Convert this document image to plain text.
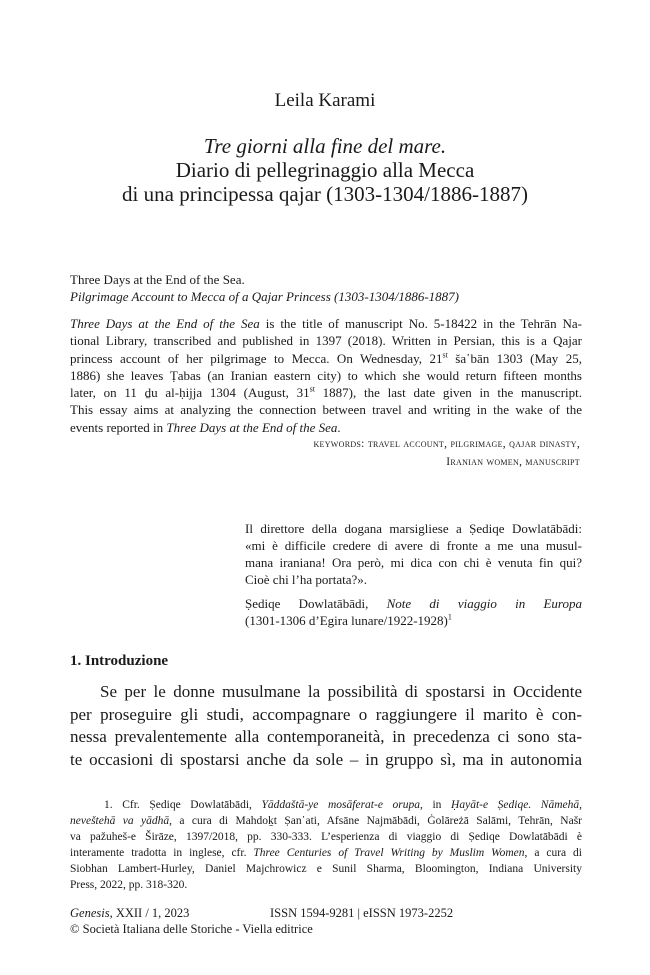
Leila Karami
Tre giorni alla fine del mare.
Diario di pellegrinaggio alla Mecca
di una principessa qajar (1303-1304/1886-1887)
Three Days at the End of the Sea.
Pilgrimage Account to Mecca of a Qajar Princess (1303-1304/1886-1887)
Three Days at the End of the Sea is the title of manuscript No. 5-18422 in the Tehrān Na-
tional Library, transcribed and published in 1397 (2018). Written in Persian, this is a Qajar
princess account of her pilgrimage to Mecca. On Wednesday, 21st ša῾bān 1303 (May 25,
1886) she leaves Ṭabas (an Iranian eastern city) to which she would return fifteen months
later, on 11 ḏu al-ḥijja 1304 (August, 31st 1887), the last date given in the manuscript.
This essay aims at analyzing the connection between travel and writing in the wake of the
events reported in Three Days at the End of the Sea.
keywords: travel account, pilgrimage, qajar dinasty,
Iranian women, manuscript
Il direttore della dogana marsigliese a Ṣediqe Dowlatābādi:
«mi è difficile credere di avere di fronte a me una musul-
mana iraniana! Ora però, mi dica con chi è venuta fin qui?
Cioè chi l’ha portata?».
Ṣediqe Dowlatābādi, Note di viaggio in Europa
(1301-1306 d’Egira lunare/1922-1928)$^1$
1. Introduzione
Se per le donne musulmane la possibilità di spostarsi in Occidente
per proseguire gli studi, accompagnare o raggiungere il marito è con-
nessa prevalentemente alla contemporaneità, in precedenza ci sono sta-
te occasioni di spostarsi anche da sole – in gruppo sì, ma in autonomia
1. Cfr. Ṣediqe Dowlatābādi, Yāddaštā-ye mosāferat-e orupa, in Ḥayāt-e Ṣediqe. Nāmehā,
neveštehā va yādhā, a cura di Mahdoḵt Ṣan῾ati, Afsāne Najmābādi, Ġolāreżā Salāmi, Tehrān, Našr
va pažuheš-e Širāze, 1397/2018, pp. 330-333. L’esperienza di viaggio di Ṣediqe Dowlatābādi è
interamente tradotta in inglese, cfr. Three Centuries of Travel Writing by Muslim Women, a cura di
Siobhan Lambert-Hurley, Daniel Majchrowicz e Sunil Sharma, Bloomington, Indiana University
Press, 2022, pp. 318-320.
Genesis, XXII / 1, 2023	ISSN 1594-9281 | eISSN 1973-2252
© Società Italiana delle Storiche - Viella editrice
